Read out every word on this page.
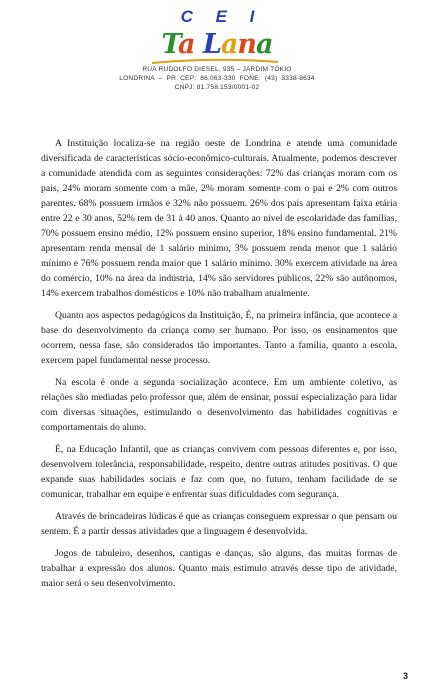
C E I
Ta Lana
RUA RUDOLFO DIESEL, 935 – JARDIM TÓKIO
LONDRINA – PR CEP: 86.063-330 FONE: (43) 3338-8634
CNPJ: 81.758.153/0001-02

A Instituição localiza-se na região oeste de Londrina e atende uma comunidade diversificada de características sócio-econômico-culturais. Atualmente, podemos descrever a comunidade atendida com as seguintes considerações: 72% das crianças moram com os pais, 24% moram somente com a mãe, 2% moram somente com o pai e 2% com outros parentes. 68% possuem irmãos e 32% não possuem. 26% dos pais apresentam faixa etária entre 22 e 30 anos, 52% tem de 31 à 40 anos. Quanto ao nível de escolaridade das famílias, 70% possuem ensino médio, 12% possuem ensino superior, 18% ensino fundamental. 21% apresentam renda mensal de 1 salário mínimo, 3% possuem renda menor que 1 salário mínimo e 76% possuem renda maior que 1 salário mínimo. 30% exercem atividade na área do comércio, 10% na área da indústria, 14% são servidores públicos, 22% são autônomos, 14% exercem trabalhos domésticos e 10% não trabalham atualmente.

Quanto aos aspectos pedagógicos da Instituição, É, na primeira infância, que acontece a base do desenvolvimento da criança como ser humano. Por isso, os ensinamentos que ocorrem, nessa fase, são considerados tão importantes. Tanto a família, quanto a escola, exercem papel fundamental nesse processo.

Na escola é onde a segunda socialização acontece. Em um ambiente coletivo, as relações são mediadas pelo professor que, além de ensinar, possui especialização para lidar com diversas situações, estimulando o desenvolvimento das habilidades cognitivas e comportamentais do aluno.

É, na Educação Infantil, que as crianças convivem com pessoas diferentes e, por isso, desenvolvem tolerância, responsabilidade, respeito, dentre outras atitudes positivas. O que expande suas habilidades sociais e faz com que, no futuro, tenham facilidade de se comunicar, trabalhar em equipe e enfrentar suas dificuldades com segurança.

Através de brincadeiras lúdicas é que as crianças conseguem expressar o que pensam ou sentem. É a partir dessas atividades que a linguagem é desenvolvida.

Jogos de tabuleiro, desenhos, cantigas e danças, são alguns, das muitas formas de trabalhar a expressão dos alunos. Quanto mais estímulo através desse tipo de atividade, maior será o seu desenvolvimento.

3
